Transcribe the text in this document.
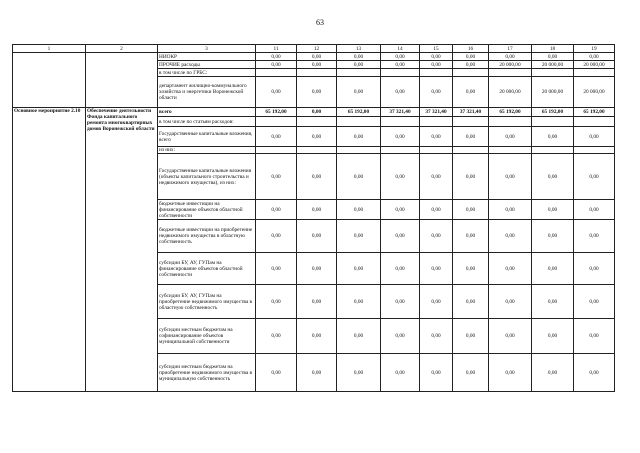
63
1	2	3	11	12	13	14	15	16	17	18	19
		НИОКР	0,00	0,00	0,00	0,00	0,00	0,00	0,00	0,00	0,00
		ПРОЧИЕ расходы	0,00	0,00	0,00	0,00	0,00	0,00	20 000,00	20 000,00	20 000,00
		в том числе по ГРБС:									
		департамент жилищно-коммунального хозяйства и энергетики Воронежской области	0,00	0,00	0,00	0,00	0,00	0,00	20 000,00	20 000,00	20 000,00
Основное мероприятие 2.10	Обеспечение деятельности Фонда капитального ремонта многоквартирных домов Воронежской области	всего	65 192,00	0,00	65 192,00	37 321,40	37 321,40	37 321,40	65 192,00	65 192,00	65 192,00
		в том числе по статьям расходов:									
		Государственные капитальные вложения, всего	0,00	0,00	0,00	0,00	0,00	0,00	0,00	0,00	0,00
		из них:									
		Государственные капитальные вложения (объекты капитального строительства и недвижимого имущества), из них:	0,00	0,00	0,00	0,00	0,00	0,00	0,00	0,00	0,00
		бюджетные инвестиции на финансирование объектов областной собственности	0,00	0,00	0,00	0,00	0,00	0,00	0,00	0,00	0,00
		бюджетные инвестиции на приобретение недвижимого имущества в областную собственность	0,00	0,00	0,00	0,00	0,00	0,00	0,00	0,00	0,00
		субсидии БУ, АУ, ГУПам на финансирование объектов областной собственности	0,00	0,00	0,00	0,00	0,00	0,00	0,00	0,00	0,00
		субсидии БУ, АУ, ГУПам на приобретение недвижимого имущества в областную собственность	0,00	0,00	0,00	0,00	0,00	0,00	0,00	0,00	0,00
		субсидии местным бюджетам на софинансирование объектов муниципальной собственности	0,00	0,00	0,00	0,00	0,00	0,00	0,00	0,00	0,00
		субсидии местным бюджетам на приобретение недвижимого имущества в муниципальную собственность	0,00	0,00	0,00	0,00	0,00	0,00	0,00	0,00	0,00
